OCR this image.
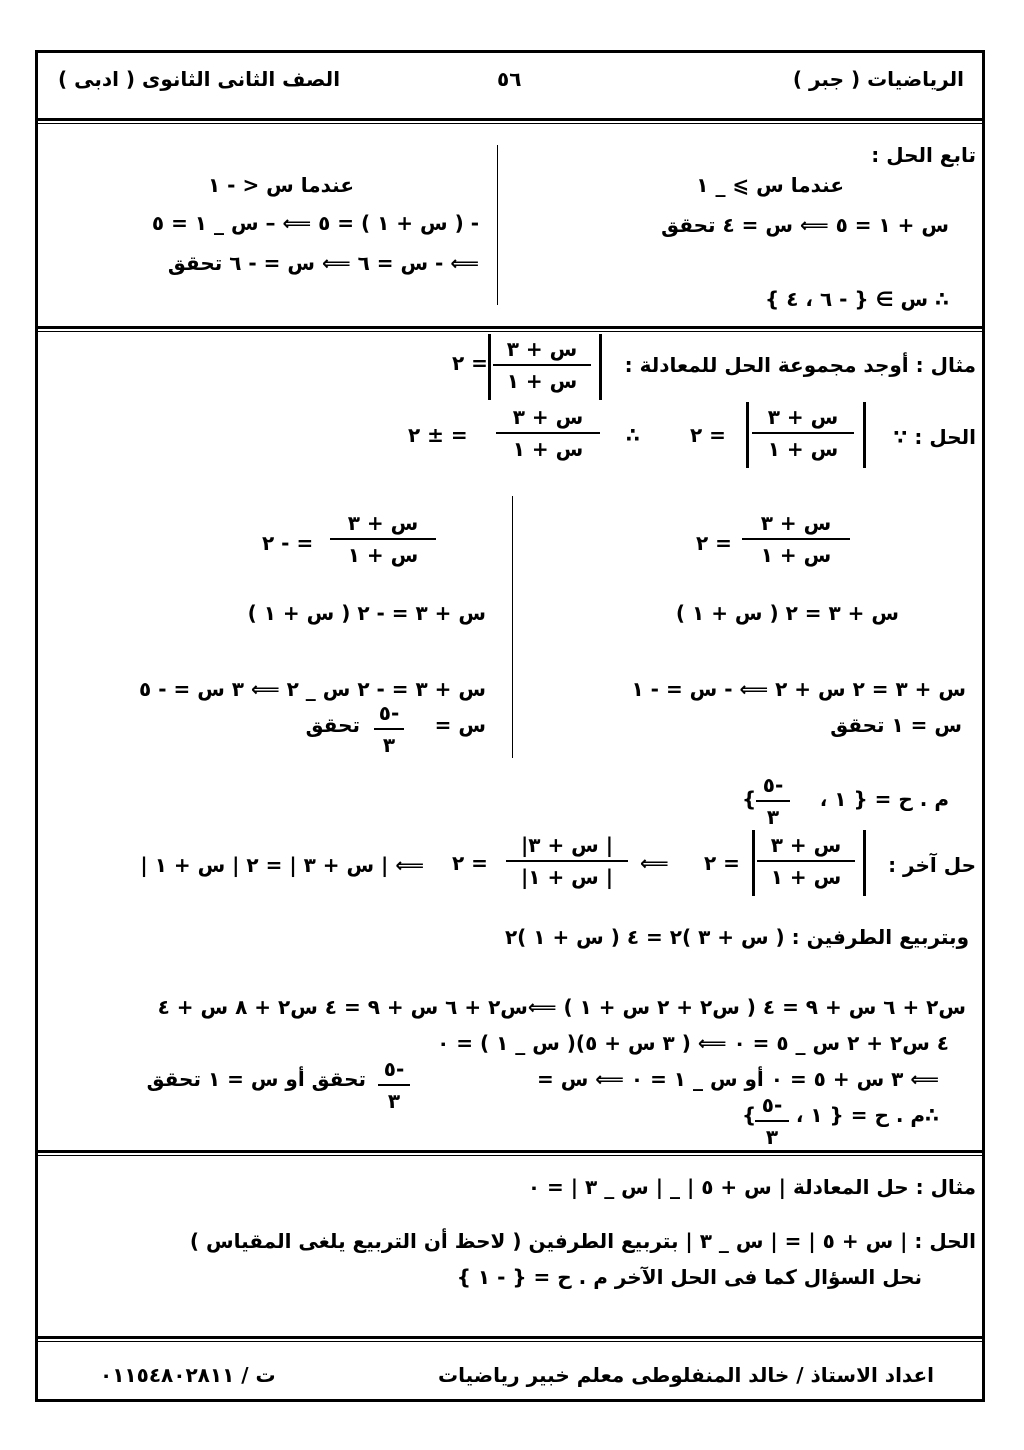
الرياضيات ( جبر )
٥٦
الصف الثانى الثانوى ( ادبى )
تابع الحل :
عندما س ⩾ _ ١
س + ١ = ٥ ⟸ س = ٤ تحقق
∴ س ∋ { - ٦ ، ٤ }
عندما س < - ١
- ( س + ١ ) = ٥ ⟸ – س _ ١ = ٥
⟸ - س = ٦ ⟸ س = - ٦ تحقق
مثال : أوجد مجموعة الحل للمعادلة :
س + ٣
س + ١
= ٢
الحل : ∵
س + ٣
س + ١
= ٢
∴
س + ٣
س + ١
= ± ٢
س + ٣
س + ١
= ٢
س + ٣ = ٢ ( س + ١ )
س + ٣ = ٢ س + ٢ ⟸ - س = - ١
س = ١ تحقق
س + ٣
س + ١
= - ٢
س + ٣ = - ٢ ( س + ١ )
س + ٣ = - ٢ س _ ٢ ⟸ ٣ س = - ٥
س =
-٥
٣
تحقق
م . ح = { ١ ،
-٥
٣
}
حل آخر :
س + ٣
س + ١
= ٢
⟸
| س + ٣|
| س + ١|
= ٢
⟸ | س + ٣ | = ٢ | س + ١ |
وبتربيع الطرفين : ( س + ٣ )٢ = ٤ ( س + ١ )٢
س٢ + ٦ س + ٩ = ٤ ( س٢ + ٢ س + ١ ) ⟸س٢ + ٦ س + ٩ = ٤ س٢ + ٨ س + ٤
٤ س٢ + ٢ س _ ٥ = ٠ ⟸ ( ٣ س + ٥)( س _ ١ ) = ٠
⟸ ٣ س + ٥ = ٠ أو س _ ١ = ٠ ⟸ س =
-٥
٣
تحقق أو س = ١ تحقق
∴م . ح = { ١ ،
-٥
٣
}
مثال : حل المعادلة | س + ٥ | _ | س _ ٣ | = ٠
الحل : | س + ٥ | = | س _ ٣ | بتربيع الطرفين ( لاحظ أن التربيع يلغى المقياس )
نحل السؤال كما فى الحل الآخر م . ح = { - ١ }
اعداد الاستاذ / خالد المنفلوطى معلم خبير رياضيات
ت / ٠١١٥٤٨٠٢٨١١
